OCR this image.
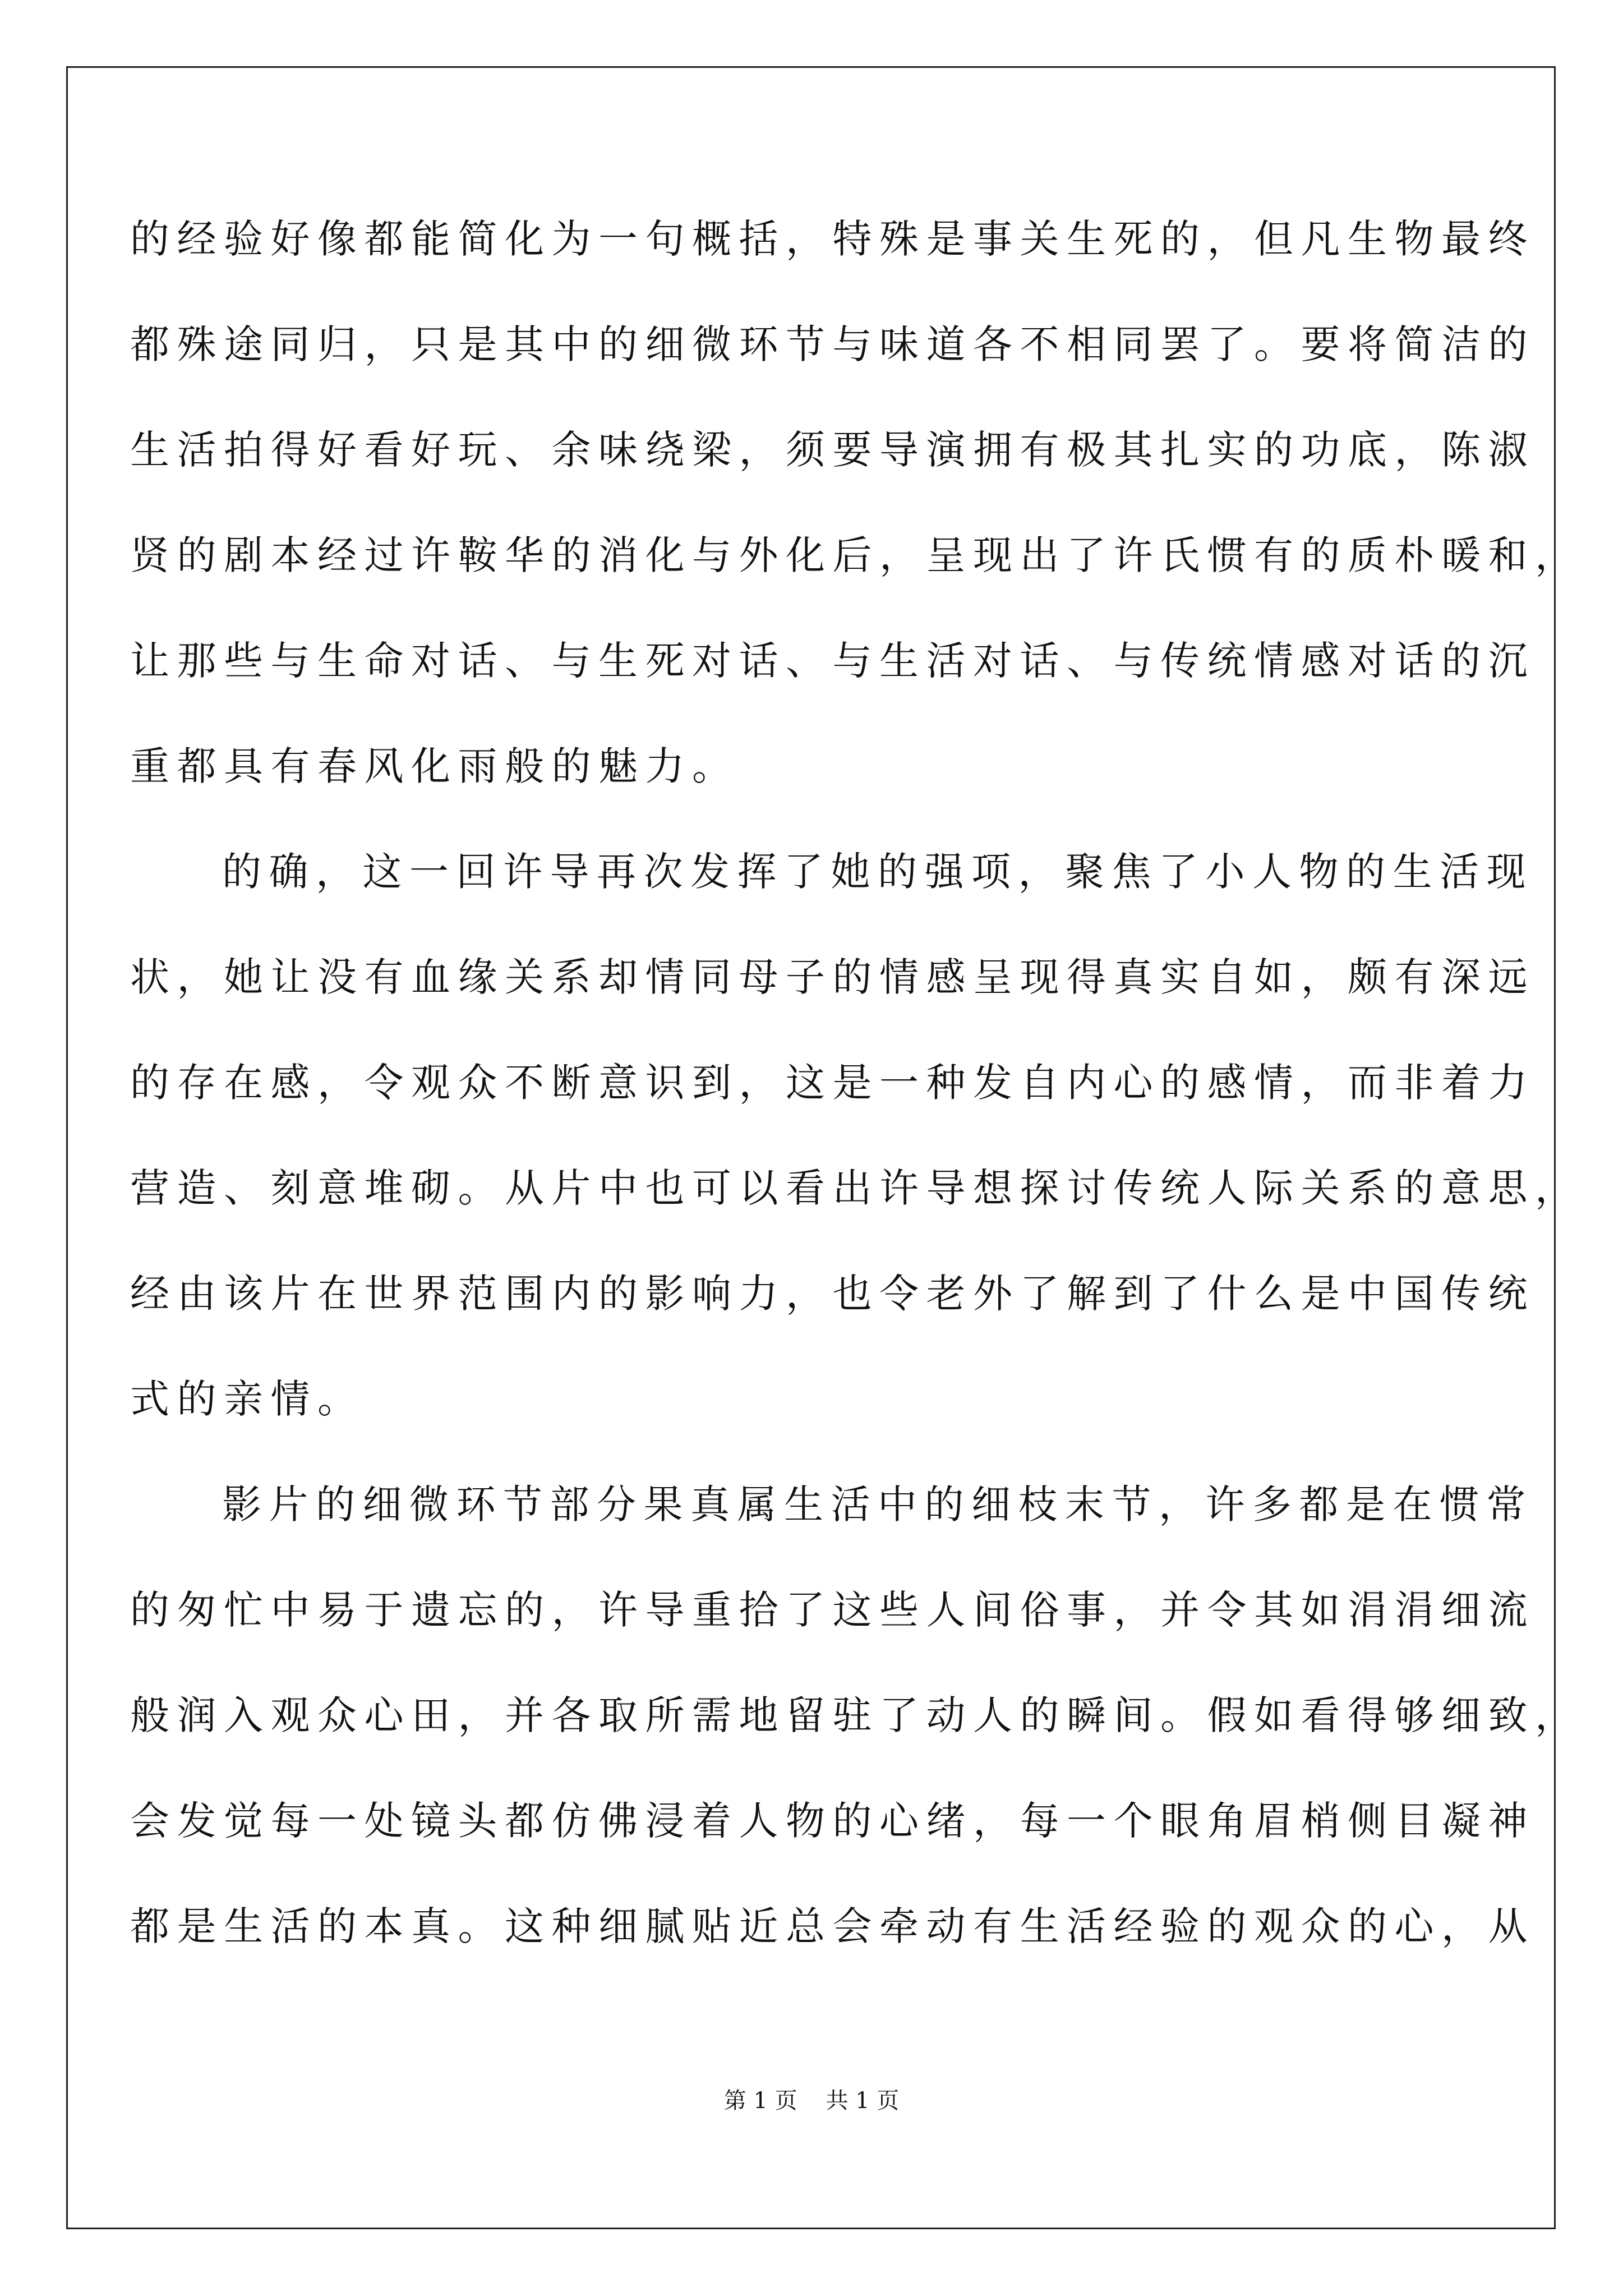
的经验好像都能简化为一句概括，特殊是事关生死的，但凡生物最终
都殊途同归，只是其中的细微环节与味道各不相同罢了。要将简洁的
生活拍得好看好玩、余味绕梁，须要导演拥有极其扎实的功底，陈淑
贤的剧本经过许鞍华的消化与外化后，呈现出了许氏惯有的质朴暖和，
让那些与生命对话、与生死对话、与生活对话、与传统情感对话的沉
重都具有春风化雨般的魅力。
的确，这一回许导再次发挥了她的强项，聚焦了小人物的生活现
状，她让没有血缘关系却情同母子的情感呈现得真实自如，颇有深远
的存在感，令观众不断意识到，这是一种发自内心的感情，而非着力
营造、刻意堆砌。从片中也可以看出许导想探讨传统人际关系的意思，
经由该片在世界范围内的影响力，也令老外了解到了什么是中国传统
式的亲情。
影片的细微环节部分果真属生活中的细枝末节，许多都是在惯常
的匆忙中易于遗忘的，许导重拾了这些人间俗事，并令其如涓涓细流
般润入观众心田，并各取所需地留驻了动人的瞬间。假如看得够细致，
会发觉每一处镜头都仿佛浸着人物的心绪，每一个眼角眉梢侧目凝神
都是生活的本真。这种细腻贴近总会牵动有生活经验的观众的心，从
第 1 页    共 1 页
